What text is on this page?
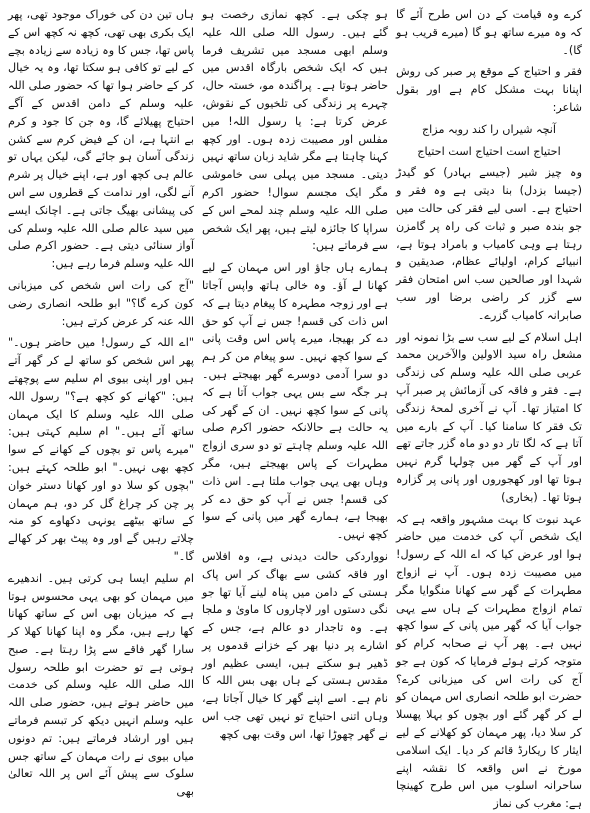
کرے وہ قیامت کے دن اس طرح آئے گا کہ وہ میرے ساتھ ہو گا (میرے قریب ہو گا)۔

فقر و احتیاج کے موقع پر صبر کی روش اپنانا بہت مشکل کام ہے اور بقول شاعر:

آنچہ شیراں را کند روبہ مزاج

احتیاج است احتیاج است احتیاج

وہ چیز شیر (جیسے بہادر) کو گیدڑ (جیسا بزدل) بنا دیتی ہے وہ فقر و احتیاج ہے۔ اسی لیے فقر کی حالت میں جو بندہ صبر و ثبات کی راہ پر گامزن رہتا ہے وہی کامیاب و بامراد ہوتا ہے، انبیائے کرام، اولیائے عظام، صدیقین و شہدا اور صالحین سب اس امتحان فقر سے گزر کر راضی برضا اور سب صابرانہ کامیاب گزرے۔

اہل اسلام کے لیے سب سے بڑا نمونہ اور مشعل راہ سید الاولین والآخرین محمد عربی صلی اللہ علیہ وسلم کی زندگی ہے۔ فقر و فاقہ کی آزمائش پر صبر آپ کا امتیاز تھا۔ آپ نے آخری لمحۂ زندگی تک فقر کا سامنا کیا۔ آپ کے بارے میں آتا ہے کہ لگا تار دو دو ماہ گزر جاتے تھے اور آپ کے گھر میں چولہا گرم نہیں ہوتا تھا اور کھجوروں اور پانی پر گزارہ ہوتا تھا۔ (بخاری)

عہد نبوت کا بہت مشہور واقعہ ہے کہ ایک شخص آپ کی خدمت میں حاضر ہوا اور عرض کیا کہ اے اللہ کے رسول! میں مصیبت زدہ ہوں۔ آپ نے ازواج مطہرات کے گھر سے کھانا منگوایا مگر تمام ازواج مطہرات کے ہاں سے یہی جواب آیا کہ گھر میں پانی کے سوا کچھ نہیں ہے۔ پھر آپ نے صحابہ کرام کو متوجہ کرتے ہوئے فرمایا کہ کون ہے جو آج کی رات اس کی میزبانی کرے؟ حضرت ابو طلحہ انصاری اس مہمان کو لے کر گھر گئے اور بچوں کو بہلا پھسلا کر سلا دیا، پھر مہمان کو کھلانے کے لیے ایثار کا ریکارڈ قائم کر دیا۔ ایک اسلامی مورخ نے اس واقعہ کا نقشہ اپنے ساحرانہ اسلوب میں اس طرح کھینچا ہے: مغرب کی نماز

ہو چکی ہے۔ کچھ نمازی رخصت ہو گئے ہیں۔ رسول اللہ صلی اللہ علیہ وسلم ابھی مسجد میں تشریف فرما ہیں کہ ایک شخص بارگاہ اقدس میں حاضر ہوتا ہے۔ پراگندہ مو، خستہ حال، چہرے پر زندگی کی تلخیوں کے نقوش، عرض کرتا ہے: یا رسول اللہ! میں مفلس اور مصیبت زدہ ہوں۔ اور کچھ کہنا چاہتا ہے مگر شاید زبان ساتھ نہیں دیتی۔ مسجد میں پہلی سی خاموشی مگر ایک مجسم سوال! حضور اکرم صلی اللہ علیہ وسلم چند لمحے اس کے سراپا کا جائزہ لیتے ہیں، پھر ایک شخص سے فرماتے ہیں:

ہمارے ہاں جاؤ اور اس مہمان کے لیے کھانا لے آؤ۔ وہ خالی ہاتھ واپس آجاتا ہے اور زوجہ مطہرہ کا پیغام دیتا ہے کہ اس ذات کی قسم! جس نے آپ کو حق دے کر بھیجا، میرے پاس اس وقت پانی کے سوا کچھ نہیں۔ سو پیغام من کر ہم دو سرا آدمی دوسرے گھر بھیجتے ہیں۔ ہر جگہ سے بس یہی جواب آتا ہے کہ پانی کے سوا کچھ نہیں۔ ان کے گھر کی یہ حالت ہے حالانکہ حضور اکرم صلی اللہ علیہ وسلم چاہتے تو دو سری ازواج مطہرات کے پاس بھیجتے ہیں، مگر وہاں بھی یہی جواب ملتا ہے۔ اس ذات کی قسم! جس نے آپ کو حق دے کر بھیجا ہے، ہمارے گھر میں پانی کے سوا کچھ نہیں۔

نوواردکی حالت دیدنی ہے، وہ افلاس اور فاقہ کشی سے بھاگ کر اس پاک ہستی کے دامن میں پناہ لینے آیا تھا جو نگی دستوں اور لاچاروں کا ماویٰ و ملجا ہے۔ وہ تاجدار دو عالم ہے، جس کے اشارے پر دنیا بھر کے خزانے قدموں پر ڈھیر ہو سکتے ہیں، ایسی عظیم اور مقدس ہستی کے ہاں بھی بس اللہ کا نام ہے۔ اسے اپنے گھر کا خیال آجاتا ہے، وہاں اتنی احتیاج تو نہیں تھی جب اس نے گھر چھوڑا تھا، اس وقت بھی کچھ

ہاں تین دن کی خوراک موجود تھی، پھر ایک بکری بھی تھی، کچھ نہ کچھ اس کے پاس تھا، جس کا وہ زیادہ سے زیادہ بچے کے لیے تو کافی ہو سکتا تھا، وہ یہ خیال کر کے حاضر ہوا تھا کہ حضور صلی اللہ علیہ وسلم کے دامن اقدس کے آگے احتیاج پھیلائے گا، وہ جن کا جود و کرم بے انتہا ہے، ان کے فیض کرم سے کشن زندگی آسان ہو جائے گی، لیکن یہاں تو عالم ہی کچھ اور ہے، اپنے خیال پر شرم آنے لگی، اور ندامت کے قطروں سے اس کی پیشانی بھیگ جاتی ہے۔ اچانک ایسے میں سید عالم صلی اللہ علیہ وسلم کی آواز سنائی دیتی ہے۔ حضور اکرم صلی اللہ علیہ وسلم فرما رہے ہیں:

"آج کی رات اس شخص کی میزبانی کون کرے گا؟" ابو طلحہ انصاری رضی اللہ عنہ کر عرض کرتے ہیں:

"اے اللہ کے رسول! میں حاضر ہوں۔" پھر اس شخص کو ساتھ لے کر گھر آتے ہیں اور اپنی بیوی ام سلیم سے پوچھتے ہیں: "کھانے کو کچھ ہے؟" رسول اللہ صلی اللہ علیہ وسلم کا ایک مہمان ساتھ آئے ہیں۔" ام سلیم کہتی ہیں: "میرے پاس تو بچوں کے کھانے کے سوا کچھ بھی نہیں۔" ابو طلحہ کہتے ہیں: "بچوں کو سلا دو اور کھانا دستر خوان پر چن کر چراغ گل کر دو، ہم مہمان کے ساتھ بیٹھے یونہی دکھاوے کو منہ چلاتے رہیں گے اور وہ پیٹ بھر کر کھالے گا۔"

ام سلیم ایسا ہی کرتی ہیں۔ اندھیرے میں مہمان کو بھی یہی محسوس ہوتا ہے کہ میزبان بھی اس کے ساتھ کھانا کھا رہے ہیں، مگر وہ اپنا کھانا کھلا کر سارا گھر فاقے سے پڑا رہتا ہے۔ صبح ہوتی ہے تو حضرت ابو طلحہ رسول اللہ صلی اللہ علیہ وسلم کی خدمت میں حاضر ہوتے ہیں، حضور صلی اللہ علیہ وسلم انہیں دیکھ کر تبسم فرماتے ہیں اور ارشاد فرماتے ہیں: تم دونوں میاں بیوی نے رات مہمان کے ساتھ جس سلوک سے پیش آئے اس پر اللہ تعالیٰ بھی
